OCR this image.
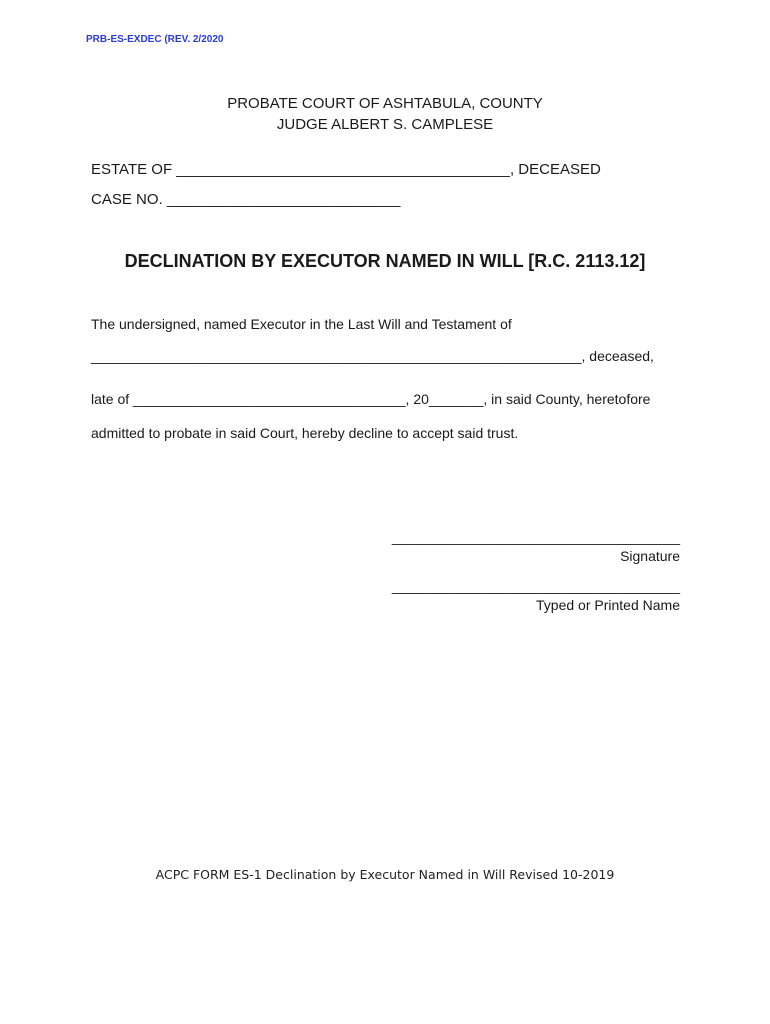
PRB-ES-EXDEC (REV. 2/2020
PROBATE COURT OF ASHTABULA, COUNTY
JUDGE ALBERT S. CAMPLESE
ESTATE OF ________________________________________, DECEASED
CASE NO. ____________________________
DECLINATION BY EXECUTOR NAMED IN WILL [R.C. 2113.12]
The undersigned, named Executor in the Last Will and Testament of
_______________________________________________________________, deceased,
late of ___________________________________, 20_______, in said County, heretofore
admitted to probate in said Court, hereby decline to accept said trust.
_____________________________________
Signature
_____________________________________
Typed or Printed Name
ACPC FORM ES-1 Declination by Executor Named in Will Revised 10-2019
